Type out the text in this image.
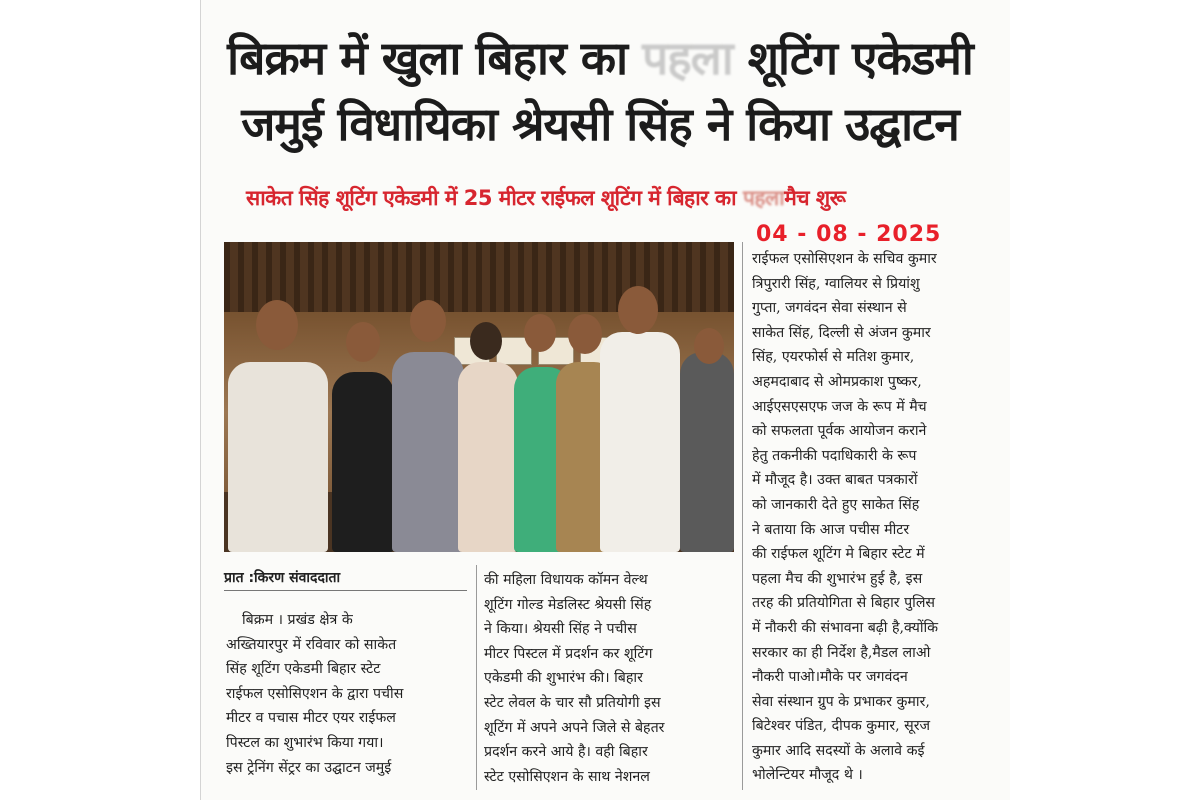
बिक्रम में खुला बिहार का पहला शूटिंग एकेडमी
जमुई विधायिका श्रेयसी सिंह ने किया उद्घाटन
साकेत सिंह शूटिंग एकेडमी में 25 मीटर राईफल शूटिंग में बिहार का पहलामैच शुरू
04 - 08 - 2025
प्रात :किरण संवाददाता
बिक्रम । प्रखंड क्षेत्र के
अख्तियारपुर में रविवार को साकेत
सिंह शूटिंग एकेडमी बिहार स्टेट
राईफल एसोसिएशन के द्वारा पचीस
मीटर व पचास मीटर एयर राईफल
पिस्टल का शुभारंभ किया गया।
इस ट्रेनिंग सेंट्रर का उद्घाटन जमुई
की महिला विधायक कॉमन वेल्थ
शूटिंग गोल्ड मेडलिस्ट श्रेयसी सिंह
ने किया। श्रेयसी सिंह ने पचीस
मीटर पिस्टल में प्रदर्शन कर शूटिंग
एकेडमी की शुभारंभ की। बिहार
स्टेट लेवल के चार सौ प्रतियोगी इस
शूटिंग में अपने अपने जिले से बेहतर
प्रदर्शन करने आये है। वही बिहार
स्टेट एसोसिएशन के साथ नेशनल
राईफल एसोसिएशन के सचिव कुमार
त्रिपुरारी सिंह, ग्वालियर से प्रियांशु
गुप्ता, जगवंदन सेवा संस्थान से
साकेत सिंह, दिल्ली से अंजन कुमार
सिंह, एयरफोर्स से मतिश कुमार,
अहमदाबाद से ओमप्रकाश पुष्कर,
आईएसएसएफ जज के रूप में मैच
को सफलता पूर्वक आयोजन कराने
हेतु तकनीकी पदाधिकारी के रूप
में मौजूद है। उक्त बाबत पत्रकारों
को जानकारी देते हुए साकेत सिंह
ने बताया कि आज पचीस मीटर
की राईफल शूटिंग मे बिहार स्टेट में
पहला मैच की शुभारंभ हुई है, इस
तरह की प्रतियोगिता से बिहार पुलिस
में नौकरी की संभावना बढ़ी है,क्योंकि
सरकार का ही निर्देश है,मैडल लाओ
नौकरी पाओ।मौके पर जगवंदन
सेवा संस्थान ग्रुप के प्रभाकर कुमार,
बिटेश्वर पंडित, दीपक कुमार, सूरज
कुमार आदि सदस्यों के अलावे कई
भोलेन्टियर मौजूद थे ।
